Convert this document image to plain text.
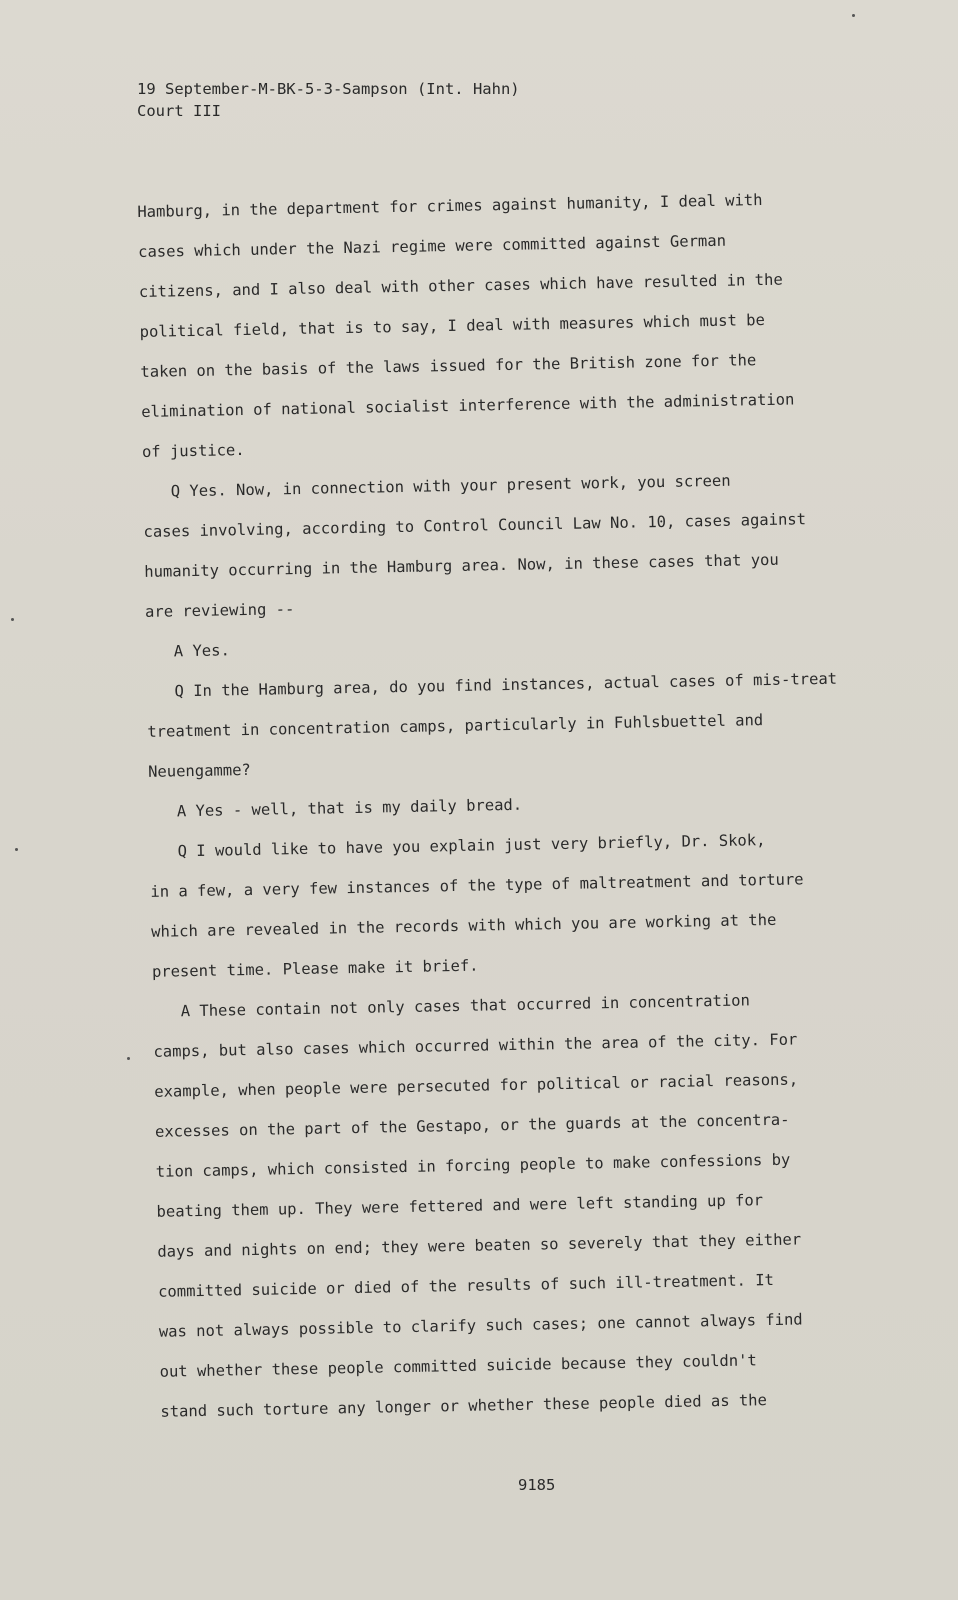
19 September-M-BK-5-3-Sampson (Int. Hahn)
Court III

Hamburg, in the department for crimes against humanity, I deal with

cases which under the Nazi regime were committed against German

citizens, and I also deal with other cases which have resulted in the

political field, that is to say, I deal with measures which must be

taken on the basis of the laws issued for the British zone for the

elimination of national socialist interference with the administration

of justice.

Q Yes. Now, in connection with your present work, you screen

cases involving, according to Control Council Law No. 10, cases against

humanity occurring in the Hamburg area. Now, in these cases that you

are reviewing --

A Yes.

Q In the Hamburg area, do you find instances, actual cases of mis-treat

treatment in concentration camps, particularly in Fuhlsbuettel and

Neuengamme?

A Yes - well, that is my daily bread.

Q I would like to have you explain just very briefly, Dr. Skok,

in a few, a very few instances of the type of maltreatment and torture

which are revealed in the records with which you are working at the

present time. Please make it brief.

A These contain not only cases that occurred in concentration

camps, but also cases which occurred within the area of the city. For

example, when people were persecuted for political or racial reasons,

excesses on the part of the Gestapo, or the guards at the concentra-

tion camps, which consisted in forcing people to make confessions by

beating them up. They were fettered and were left standing up for

days and nights on end; they were beaten so severely that they either

committed suicide or died of the results of such ill-treatment. It

was not always possible to clarify such cases; one cannot always find

out whether these people committed suicide because they couldn't

stand such torture any longer or whether these people died as the

9185
